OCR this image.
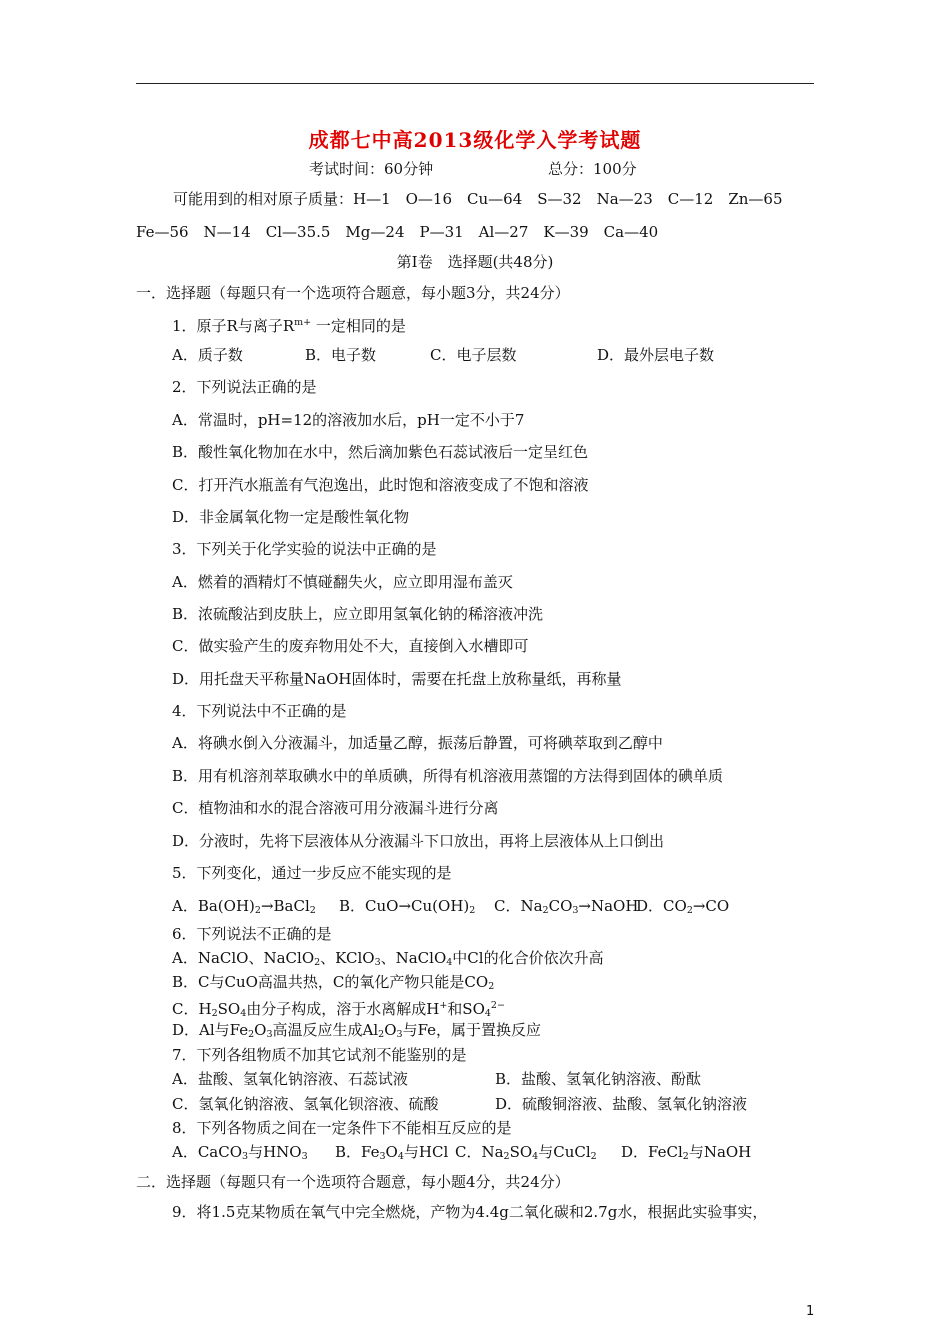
成都七中高2013级化学入学考试题
考试时间：60分钟	总分：100分
可能用到的相对原子质量：H—1　O—16　Cu—64　S—32　Na—23　C—12　Zn—65
Fe—56　N—14　Cl—35.5　Mg—24　P—31　Al—27　K—39　Ca—40
第Ⅰ卷　选择题(共48分)
一．选择题（每题只有一个选项符合题意，每小题3分，共24分）
1．原子R与离子$R^{m+}$ 一定相同的是
A．质子数	B．电子数	C．电子层数	D．最外层电子数
2．下列说法正确的是
A．常温时，pH=12的溶液加水后，pH一定不小于7
B．酸性氧化物加在水中，然后滴加紫色石蕊试液后一定呈红色
C．打开汽水瓶盖有气泡逸出，此时饱和溶液变成了不饱和溶液
D．非金属氧化物一定是酸性氧化物
3．下列关于化学实验的说法中正确的是
A．燃着的酒精灯不慎碰翻失火，应立即用湿布盖灭
B．浓硫酸沾到皮肤上，应立即用氢氧化钠的稀溶液冲洗
C．做实验产生的废弃物用处不大，直接倒入水槽即可
D．用托盘天平称量NaOH固体时，需要在托盘上放称量纸，再称量
4．下列说法中不正确的是
A．将碘水倒入分液漏斗，加适量乙醇，振荡后静置，可将碘萃取到乙醇中
B．用有机溶剂萃取碘水中的单质碘，所得有机溶液用蒸馏的方法得到固体的碘单质
C．植物油和水的混合溶液可用分液漏斗进行分离
D．分液时，先将下层液体从分液漏斗下口放出，再将上层液体从上口倒出
5．下列变化，通过一步反应不能实现的是
A．$Ba(OH)_2\to BaCl_2$ B．$CuO\to Cu(OH)_2$ C．$Na_2CO_3\to NaOH$
D．$CO_2\to CO$
6．下列说法不正确的是
A．NaClO、NaClO$_2$、KClO$_3$、NaClO$_4$中Cl的化合价依次升高
B．C与CuO高温共热，C的氧化产物只能是$CO_2$
C．$H_2SO_4$由分子构成，溶于水离解成H+和$SO_4^{2-}$
D．Al与$Fe_2O_3$高温反应生成$Al_2O_3$与Fe，属于置换反应
7．下列各组物质不加其它试剂不能鉴别的是
A．盐酸、氢氧化钠溶液、石蕊试液	B．盐酸、氢氧化钠溶液、酚酞
C．氢氧化钠溶液、氢氧化钡溶液、硫酸	D．硫酸铜溶液、盐酸、氢氧化钠溶液
8．下列各物质之间在一定条件下不能相互反应的是
A．CaCO$_3$与$HNO_3$ B．$Fe_3O_4$与HCl C．$Na_2SO_4$与CuCl$_2$ D．FeCl$_2$与NaOH
二．选择题（每题只有一个选项符合题意，每小题4分，共24分）
9．将1.5克某物质在氧气中完全燃烧，产物为4.4g二氧化碳和2.7g水，根据此实验事实，
1
